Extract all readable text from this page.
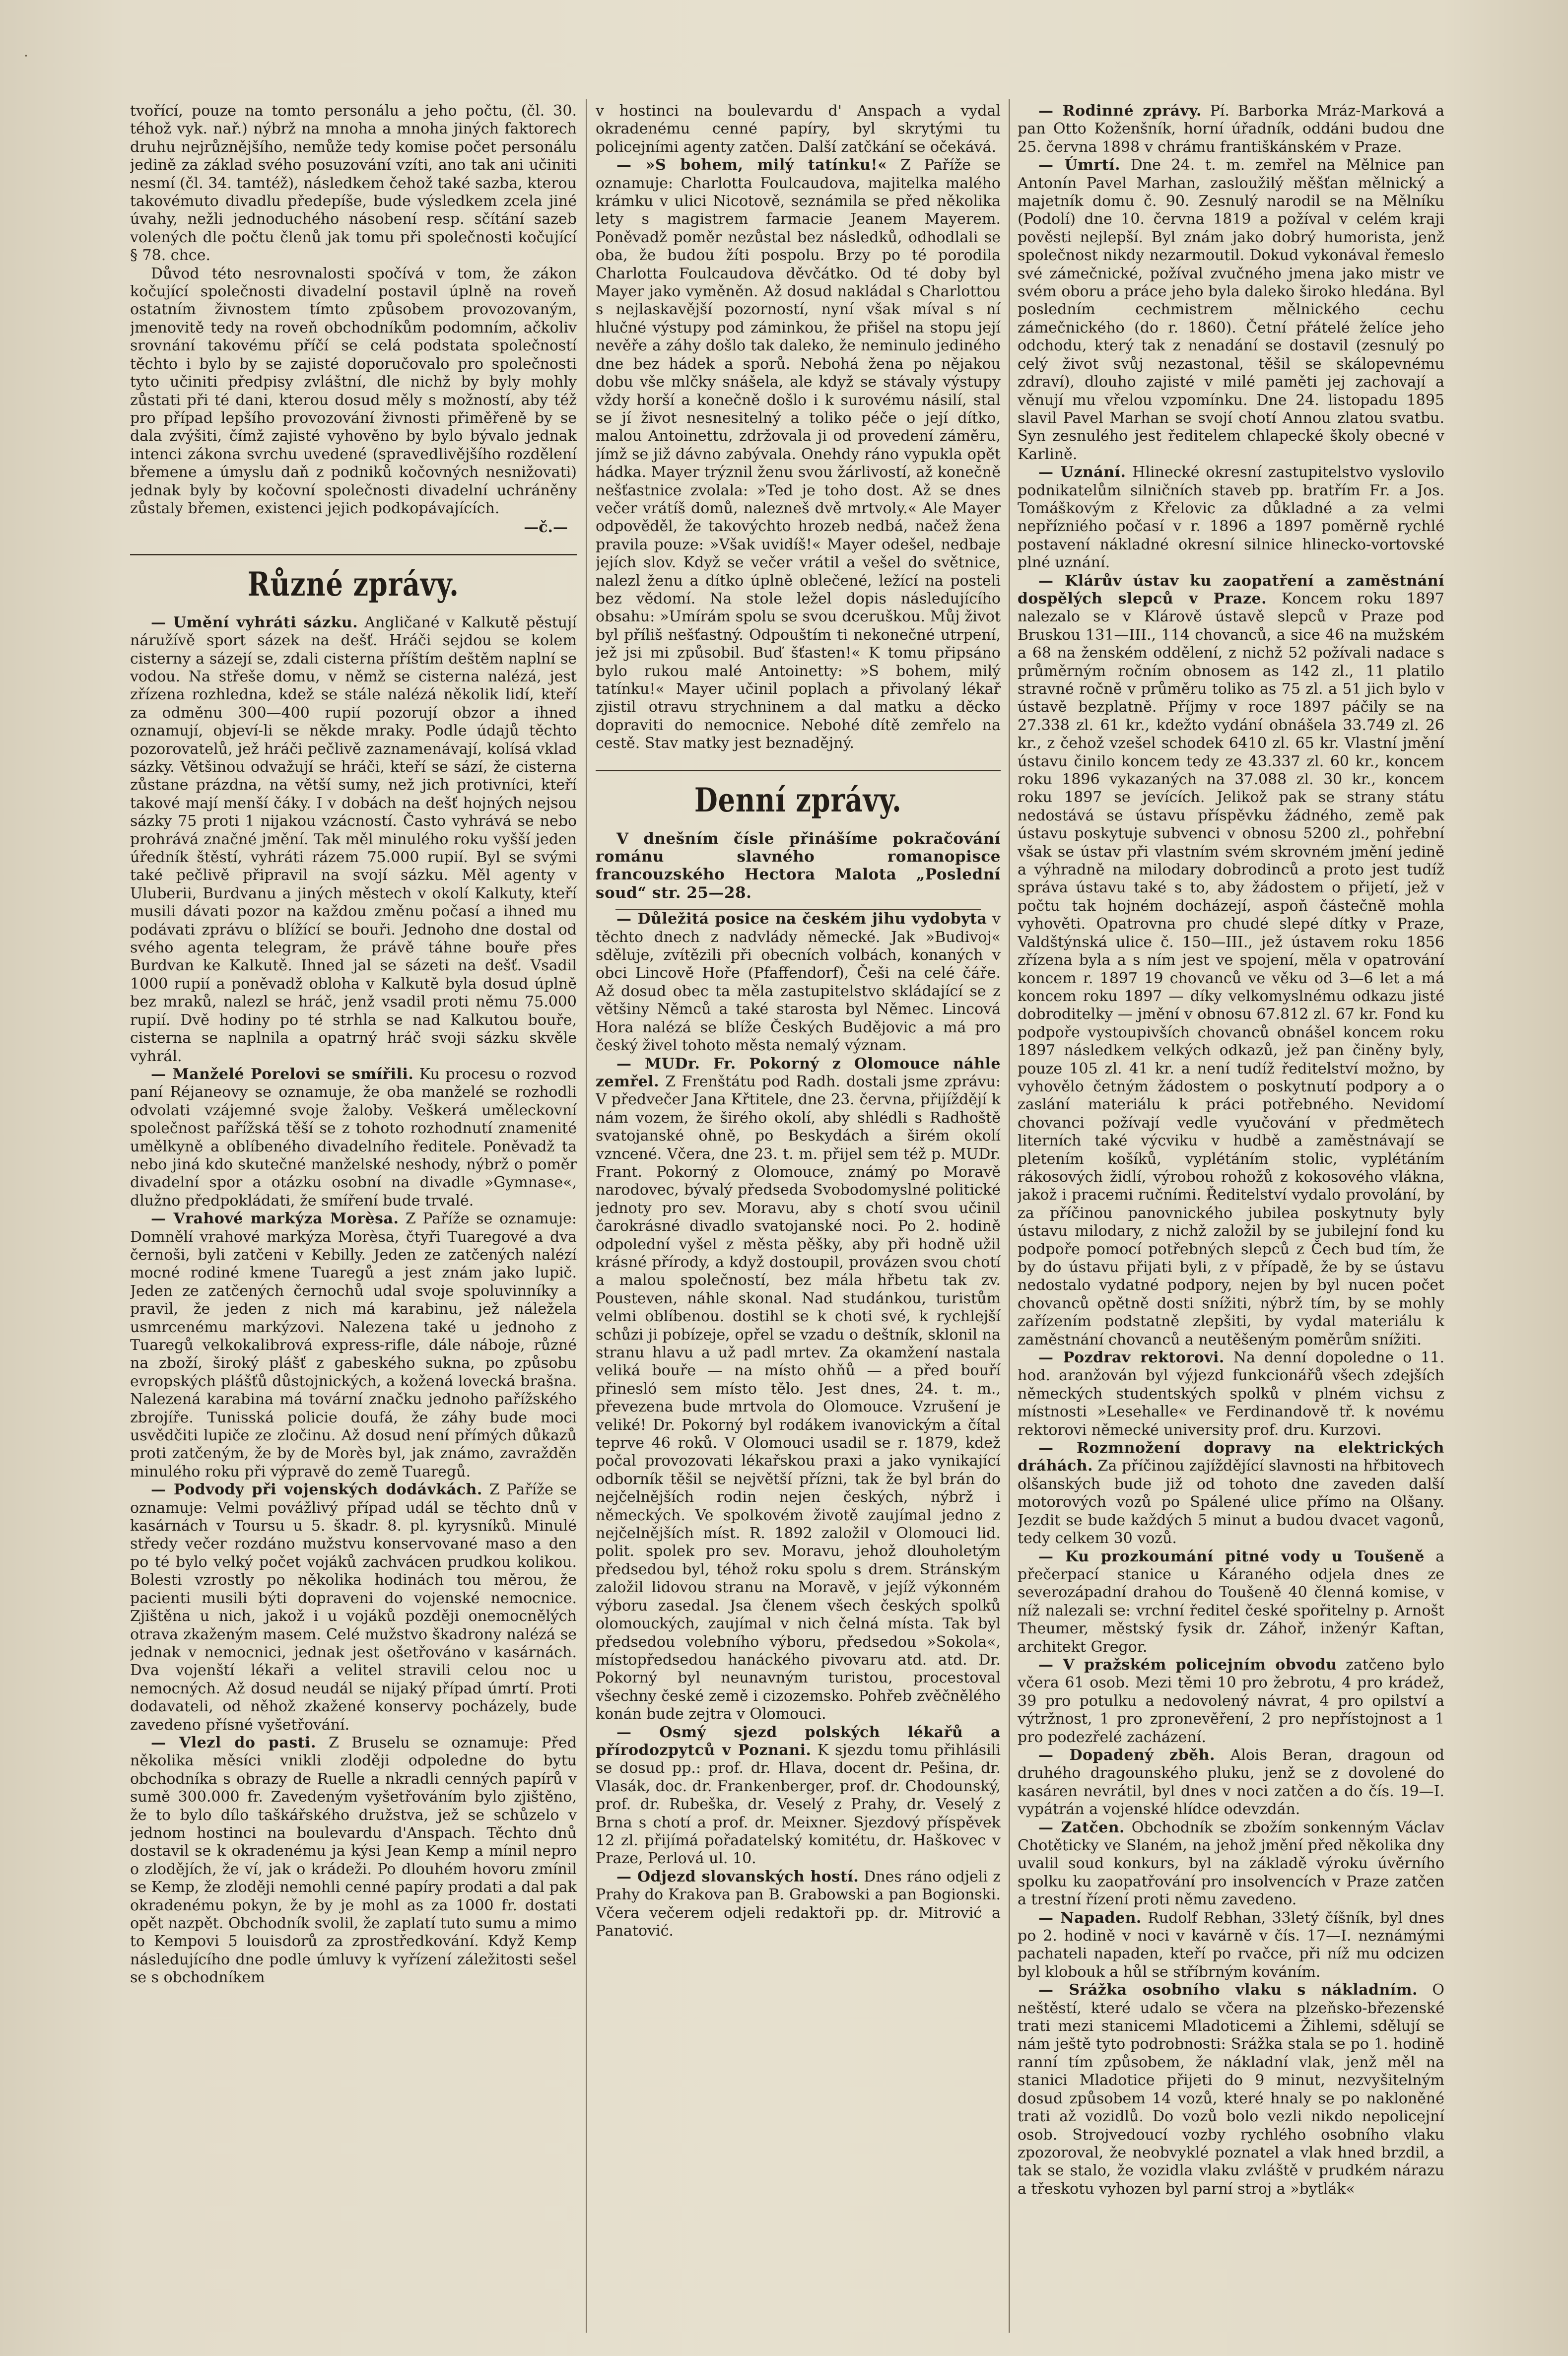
·

tvořící, pouze na tomto personálu a jeho počtu, (čl. 30. téhož vyk. nař.) nýbrž na mnoha a mnoha jiných faktorech druhu nejrůznějšího, nemůže tedy komise počet personálu jedině za základ svého posuzování vzíti, ano tak ani učiniti nesmí (čl. 34. tamtéž), následkem čehož také sazba, kterou takovémuto divadlu předepíše, bude výsledkem zcela jiné úvahy, nežli jednoduchého násobení resp. sčítání sazeb volených dle počtu členů jak tomu při společnosti kočující § 78. chce.

Důvod této nesrovnalosti spočívá v tom, že zákon kočující společnosti divadelní postavil úplně na roveň ostatním živnostem tímto způsobem provozovaným, jmenovitě tedy na roveň obchodníkům podomním, ačkoliv srovnání takovému příčí se celá podstata společností těchto i bylo by se zajisté doporučovalo pro společnosti tyto učiniti předpisy zvláštní, dle nichž by byly mohly zůstati při té dani, kterou dosud měly s možností, aby též pro případ lepšího provozování živnosti přiměřeně by se dala zvýšiti, čímž zajisté vyhověno by bylo bývalo jednak intenci zákona svrchu uvedené (spravedlivějšího rozdělení břemene a úmyslu daň z podniků kočovných nesnižovati) jednak byly by kočovní společnosti divadelní uchráněny zůstaly břemen, existenci jejich podkopávajících.

—č.—
Různé zprávy.

— Umění vyhráti sázku. Angličané v Kalkutě pěstují náružívě sport sázek na dešť. Hráči sejdou se kolem cisterny a sázejí se, zdali cisterna příštím deštěm naplní se vodou. Na střeše domu, v němž se cisterna nalézá, jest zřízena rozhledna, kdež se stále nalézá několik lidí, kteří za odměnu 300—400 rupií pozorují obzor a ihned oznamují, objeví-li se někde mraky. Podle údajů těchto pozorovatelů, jež hráči pečlivě zaznamenávají, kolísá vklad sázky. Většinou odvažují se hráči, kteří se sází, že cisterna zůstane prázdna, na větší sumy, než jich protivníci, kteří takové mají menší čáky. I v dobách na dešť hojných nejsou sázky 75 proti 1 nijakou vzácností. Často vyhrává se nebo prohrává značné jmění. Tak měl minulého roku vyšší jeden úředník štěstí, vyhráti rázem 75.000 rupií. Byl se svými také pečlivě připravil na svojí sázku. Měl agenty v Uluberii, Burdvanu a jiných městech v okolí Kalkuty, kteří musili dávati pozor na každou změnu počasí a ihned mu podávati zprávu o blížící se bouři. Jednoho dne dostal od svého agenta telegram, že právě táhne bouře přes Burdvan ke Kalkutě. Ihned jal se sázeti na dešť. Vsadil 1000 rupií a poněvadž obloha v Kalkutě byla dosud úplně bez mraků, nalezl se hráč, jenž vsadil proti němu 75.000 rupií. Dvě hodiny po té strhla se nad Kalkutou bouře, cisterna se naplnila a opatrný hráč svoji sázku skvěle vyhrál.

— Manželé Porelovi se smířili. Ku procesu o rozvod paní Réjaneovy se oznamuje, že oba manželé se rozhodli odvolati vzájemné svoje žaloby. Veškerá uměleckovní společnost pařížská těší se z tohoto rozhodnutí znamenité umělkyně a oblíbeného divadelního ředitele. Poněvadž ta nebo jiná kdo skutečné manželské neshody, nýbrž o poměr divadelní spor a otázku osobní na divadle »Gymnase«, dlužno předpokládati, že smíření bude trvalé.

— Vrahové markýza Morèsa. Z Paříže se oznamuje: Domnělí vrahové markýza Morèsa, čtyři Tuaregové a dva černoši, byli zatčeni v Kebilly. Jeden ze zatčených nalézí mocné rodiné kmene Tuaregů a jest znám jako lupič. Jeden ze zatčených černochů udal svoje spoluvinníky a pravil, že jeden z nich má karabinu, jež náležela usmrcenému markýzovi. Nalezena také u jednoho z Tuaregů velkokalibrová express-rifle, dále náboje, různé na zboží, široký plášť z gabeského sukna, po způsobu evropských plášťů důstojnických, a kožená lovecká brašna. Nalezená karabina má tovární značku jednoho pařížského zbrojíře. Tunisská policie doufá, že záhy bude moci usvědčiti lupiče ze zločinu. Až dosud není přímých důkazů proti zatčeným, že by de Morès byl, jak známo, zavražděn minulého roku při výpravě do země Tuaregů.

— Podvody při vojenských dodávkách. Z Paříže se oznamuje: Velmi povážlivý případ udál se těchto dnů v kasárnách v Toursu u 5. škadr. 8. pl. kyrysníků. Minulé středy večer rozdáno mužstvu konservované maso a den po té bylo velký počet vojáků zachvácen prudkou kolikou. Bolesti vzrostly po několika hodinách tou měrou, že pacienti musili býti dopraveni do vojenské nemocnice. Zjištěna u nich, jakož i u vojáků později onemocnělých otrava zkaženým masem. Celé mužstvo škadrony nalézá se jednak v nemocnici, jednak jest ošetřováno v kasárnách. Dva vojenští lékaři a velitel stravili celou noc u nemocných. Až dosud neudál se nijaký případ úmrtí. Proti dodavateli, od něhož zkažené konservy pocházely, bude zavedeno přísné vyšetřování.

— Vlezl do pasti. Z Bruselu se oznamuje: Před několika měsíci vnikli zloději odpoledne do bytu obchodníka s obrazy de Ruelle a nkradli cenných papírů v sumě 300.000 fr. Zavedeným vyšetřováním bylo zjištěno, že to bylo dílo taškářského družstva, jež se schůzelo v jednom hostinci na boulevardu d'Anspach. Těchto dnů dostavil se k okradenému ja kýsi Jean Kemp a mínil nepro o zlodějích, že ví, jak o krádeži. Po dlouhém hovoru zmínil se Kemp, že zloději nemohli cenné papíry prodati a dal pak okradenému pokyn, že by je mohl as za 1000 fr. dostati opět nazpět. Obchodník svolil, že zaplatí tuto sumu a mimo to Kempovi 5 louisdorů za zprostředkování. Když Kemp následujícího dne podle úmluvy k vyřízení záležitosti sešel se s obchodníkem

v hostinci na boulevardu d' Anspach a vydal okradenému cenné papíry, byl skrytými tu policejními agenty zatčen. Další zatčkání se očekává.

— »S bohem, milý tatínku!« Z Paříže se oznamuje: Charlotta Foulcaudova, majitelka malého krámku v ulici Nicotově, seznámila se před několika lety s magistrem farmacie Jeanem Mayerem. Poněvadž poměr nezůstal bez následků, odhodlali se oba, že budou žíti pospolu. Brzy po té porodila Charlotta Foulcaudova děvčátko. Od té doby byl Mayer jako vyměněn. Až dosud nakládal s Charlottou s nejlaskavější pozorností, nyní však míval s ní hlučné výstupy pod záminkou, že přišel na stopu její nevěře a záhy došlo tak daleko, že neminulo jediného dne bez hádek a sporů. Nebohá žena po nějakou dobu vše mlčky snášela, ale když se stávaly výstupy vždy horší a konečně došlo i k surovému násilí, stal se jí život nesnesitelný a toliko péče o její dítko, malou Antoinettu, zdržovala ji od provedení záměru, jímž se již dávno zabývala. Onehdy ráno vypukla opět hádka. Mayer trýznil ženu svou žárlivostí, až konečně nešťastnice zvolala: »Ted je toho dost. Až se dnes večer vrátíš domů, nalezneš dvě mrtvoly.« Ale Mayer odpověděl, že takovýchto hrozeb nedbá, načež žena pravila pouze: »Však uvidíš!« Mayer odešel, nedbaje jejích slov. Když se večer vrátil a vešel do světnice, nalezl ženu a dítko úplně oblečené, ležící na posteli bez vědomí. Na stole ležel dopis následujícího obsahu: »Umírám spolu se svou dceruškou. Můj život byl příliš nešťastný. Odpouštím ti nekonečné utrpení, jež jsi mi způsobil. Buď šťasten!« K tomu připsáno bylo rukou malé Antoinetty: »S bohem, milý tatínku!« Mayer učinil poplach a přivolaný lékař zjistil otravu strychninem a dal matku a děcko dopraviti do nemocnice. Nebohé dítě zemřelo na cestě. Stav matky jest beznadějný.

Denní zprávy.

V dnešním čísle přinášíme pokračování románu slavného romanopisce francouzského Hectora Malota „Poslední soud“ str. 25—28.

— Důležitá posice na českém jihu vydobyta v těchto dnech z nadvlády německé. Jak »Budivoj« sděluje, zvítězili při obecních volbách, konaných v obci Lincově Hoře (Pfaffendorf), Češi na celé čáře. Až dosud obec ta měla zastupitelstvo skládající se z většiny Němců a také starosta byl Němec. Lincová Hora nalézá se blíže Českých Budějovic a má pro český živel tohoto města nemalý význam.

— MUDr. Fr. Pokorný z Olomouce náhle zemřel. Z Frenštátu pod Radh. dostali jsme zprávu: V předvečer Jana Křtitele, dne 23. června, přijíždějí k nám vozem, že širého okolí, aby shlédli s Radhoště svatojanské ohně, po Beskydách a širém okolí vzncené. Včera, dne 23. t. m. přijel sem též p. MUDr. Frant. Pokorný z Olomouce, známý po Moravě narodovec, bývalý předseda Svobodomyslné politické jednoty pro sev. Moravu, aby s chotí svou učinil čarokrásné divadlo svatojanské noci. Po 2. hodině odpolední vyšel z města pěšky, aby při hodně užil krásné přírody, a když dostoupil, provázen svou chotí a malou společností, bez mála hřbetu tak zv. Pousteven, náhle skonal. Nad studánkou, turistům velmi oblíbenou. dostihl se k choti své, k rychlejší schůzi ji pobízeje, opřel se vzadu o deštník, sklonil na stranu hlavu a už padl mrtev. Za okamžení nastala veliká bouře — na místo ohňů — a před bouří přinesló sem místo tělo. Jest dnes, 24. t. m., převezena bude mrtvola do Olomouce. Vzrušení je veliké! Dr. Pokorný byl rodákem ivanovickým a čítal teprve 46 roků. V Olomouci usadil se r. 1879, kdež počal provozovati lékařskou praxi a jako vynikající odborník těšil se největší přízni, tak že byl brán do nejčelnějších rodin nejen českých, nýbrž i německých. Ve spolkovém životě zaujímal jedno z nejčelnějších míst. R. 1892 založil v Olomouci lid. polit. spolek pro sev. Moravu, jehož dlouholetým předsedou byl, téhož roku spolu s drem. Stránským založil lidovou stranu na Moravě, v jejíž výkonném výboru zasedal. Jsa členem všech českých spolků olomouckých, zaujímal v nich čelná místa. Tak byl předsedou volebního výboru, předsedou »Sokola«, místopředsedou hanáckého pivovaru atd. atd. Dr. Pokorný byl neunavným turistou, procestoval všechny české země i cizozemsko. Pohřeb zvěčnělého konán bude zejtra v Olomouci.

— Osmý sjezd polských lékařů a přírodozpytců v Poznani. K sjezdu tomu přihlásili se dosud pp.: prof. dr. Hlava, docent dr. Pešina, dr. Vlasák, doc. dr. Frankenberger, prof. dr. Chodounský, prof. dr. Rubeška, dr. Veselý z Prahy, dr. Veselý z Brna s chotí a prof. dr. Meixner. Sjezdový příspěvek 12 zl. přijímá pořadatelský komitétu, dr. Haškovec v Praze, Perlová ul. 10.

— Odjezd slovanských hostí. Dnes ráno odjeli z Prahy do Krakova pan B. Grabowski a pan Bogionski. Včera večerem odjeli redaktoři pp. dr. Mitrović a Panatović.

— Rodinné zprávy. Pí. Barborka Mráz-Marková a pan Otto Koženšník, horní úřadník, oddáni budou dne 25. června 1898 v chrámu františkánském v Praze.

— Úmrtí. Dne 24. t. m. zemřel na Mělnice pan Antonín Pavel Marhan, zasloužilý měšťan mělnický a majetník domu č. 90. Zesnulý narodil se na Mělníku (Podolí) dne 10. června 1819 a požíval v celém kraji pověsti nejlepší. Byl znám jako dobrý humorista, jenž společnost nikdy nezarmoutil. Dokud vykonával řemeslo své zámečnické, požíval zvučného jmena jako mistr ve svém oboru a práce jeho byla daleko široko hledána. Byl posledním cechmistrem mělnického cechu zámečnického (do r. 1860). Četní přátelé želíce jeho odchodu, který tak z nenadání se dostavil (zesnulý po celý život svůj nezastonal, těšil se skálopevnému zdraví), dlouho zajisté v milé paměti jej zachovají a věnují mu vřelou vzpomínku. Dne 24. listopadu 1895 slavil Pavel Marhan se svojí chotí Annou zlatou svatbu. Syn zesnulého jest ředitelem chlapecké školy obecné v Karlině.

— Uznání. Hlinecké okresní zastupitelstvo vyslovilo podnikatelům silničních staveb pp. bratřím Fr. a Jos. Tomáškovým z Křelovic za důkladné a za velmi nepřízniého počasí v r. 1896 a 1897 poměrně rychlé postavení nákladné okresní silnice hlinecko-vortovské plné uznání.

— Klárův ústav ku zaopatření a zaměstnání dospělých slepců v Praze. Koncem roku 1897 nalezalo se v Klárově ústavě slepců v Praze pod Bruskou 131—III., 114 chovanců, a sice 46 na mužském a 68 na ženském oddělení, z nichž 52 požívali nadace s průměrným ročním obnosem as 142 zl., 11 platilo stravné ročně v průměru toliko as 75 zl. a 51 jich bylo v ústavě bezplatně. Příjmy v roce 1897 páčily se na 27.338 zl. 61 kr., kdežto vydání obnášela 33.749 zl. 26 kr., z čehož vzešel schodek 6410 zl. 65 kr. Vlastní jmění ústavu činilo koncem tedy ze 43.337 zl. 60 kr., koncem roku 1896 vykazaných na 37.088 zl. 30 kr., koncem roku 1897 se jevících. Jelikož pak se strany státu nedostává se ústavu příspěvku žádného, země pak ústavu poskytuje subvenci v obnosu 5200 zl., pohřební však se ústav při vlastním svém skrovném jmění jedině a výhradně na milodary dobrodinců a proto jest tudíž správa ústavu také s to, aby žádostem o přijetí, jež v počtu tak hojném docházejí, aspoň částečně mohla vyhověti. Opatrovna pro chudé slepé dítky v Praze, Valdštýnská ulice č. 150—III., jež ústavem roku 1856 zřízena byla a s ním jest ve spojení, měla v opatrování koncem r. 1897 19 chovanců ve věku od 3—6 let a má koncem roku 1897 — díky velkomyslnému odkazu jisté dobroditelky — jmění v obnosu 67.812 zl. 67 kr. Fond ku podpoře vystoupivších chovanců obnášel koncem roku 1897 následkem velkých odkazů, jež pan činěny byly, pouze 105 zl. 41 kr. a není tudíž ředitelství možno, by vyhovělo četným žádostem o poskytnutí podpory a o zaslání materiálu k práci potřebného. Nevidomí chovanci požívají vedle vyučování v předmětech literních také výcviku v hudbě a zaměstnávají se pletením košíků, vyplétáním stolic, vyplétáním rákosových židlí, výrobou rohožů z kokosového vlákna, jakož i pracemi ručními. Ředitelství vydalo provolání, by za příčinou panovnického jubilea poskytnuty byly ústavu milodary, z nichž založil by se jubilejní fond ku podpoře pomocí potřebných slepců z Čech bud tím, že by do ústavu přijati byli, z v případě, že by se ústavu nedostalo vydatné podpory, nejen by byl nucen počet chovanců opětně dosti snížiti, nýbrž tím, by se mohly zařízením podstatně zlepšiti, by vydal materiálu k zaměstnání chovanců a neutěšeným poměrům snížiti.

— Pozdrav rektorovi. Na denní dopoledne o 11. hod. aranžován byl výjezd funkcionářů všech zdejších německých studentských spolků v plném vichsu z místnosti »Lesehalle« ve Ferdinandově tř. k novému rektorovi německé university prof. dru. Kurzovi.

— Rozmnožení dopravy na elektrických dráhách. Za příčinou zajíždějící slavnosti na hřbitovech olšanských bude již od tohoto dne zaveden další motorových vozů po Spálené ulice přímo na Olšany. Jezdit se bude každých 5 minut a budou dvacet vagonů, tedy celkem 30 vozů.

— Ku prozkoumání pitné vody u Toušeně a přečerpací stanice u Káraného odjela dnes ze severozápadní drahou do Toušeně 40 členná komise, v níž nalezali se: vrchní ředitel české spořitelny p. Arnošt Theumer, městský fysik dr. Záhoř, inženýr Kaftan, architekt Gregor.

— V pražském policejním obvodu zatčeno bylo včera 61 osob. Mezi těmi 10 pro žebrotu, 4 pro krádež, 39 pro potulku a nedovolený návrat, 4 pro opilství a výtržnost, 1 pro zpronevěření, 2 pro nepřístojnost a 1 pro podezřelé zacházení.

— Dopadený zběh. Alois Beran, dragoun od druhého dragounského pluku, jenž se z dovolené do kasáren nevrátil, byl dnes v noci zatčen a do čís. 19—I. vypátrán a vojenské hlídce odevzdán.

— Zatčen. Obchodník se zbožím sonkenným Václav Chotěticky ve Slaném, na jehož jmění před několika dny uvalil soud konkurs, byl na základě výroku úvěrního spolku ku zaopatřování pro insolvencích v Praze zatčen a trestní řízení proti němu zavedeno.

— Napaden. Rudolf Rebhan, 33letý číšník, byl dnes po 2. hodině v noci v kavárně v čís. 17—I. neznámými pachateli napaden, kteří po rvačce, při níž mu odcizen byl klobouk a hůl se stříbrným kováním.

— Srážka osobního vlaku s nákladním. O neštěstí, které udalo se včera na plzeňsko-březenské trati mezi stanicemi Mladoticemi a Žihlemi, sdělují se nám ještě tyto podrobnosti: Srážka stala se po 1. hodině ranní tím způsobem, že nákladní vlak, jenž měl na stanici Mladotice přijeti do 9 minut, nezvyšitelným dosud způsobem 14 vozů, které hnaly se po nakloněné trati až vozidlů. Do vozů bolo vezli nikdo nepolicejní osob. Strojvedoucí vozby rychlého osobního vlaku zpozoroval, že neobvyklé poznatel a vlak hned brzdil, a tak se stalo, že vozidla vlaku zvláště v prudkém nárazu a třeskotu vyhozen byl parní stroj a »bytlák«
